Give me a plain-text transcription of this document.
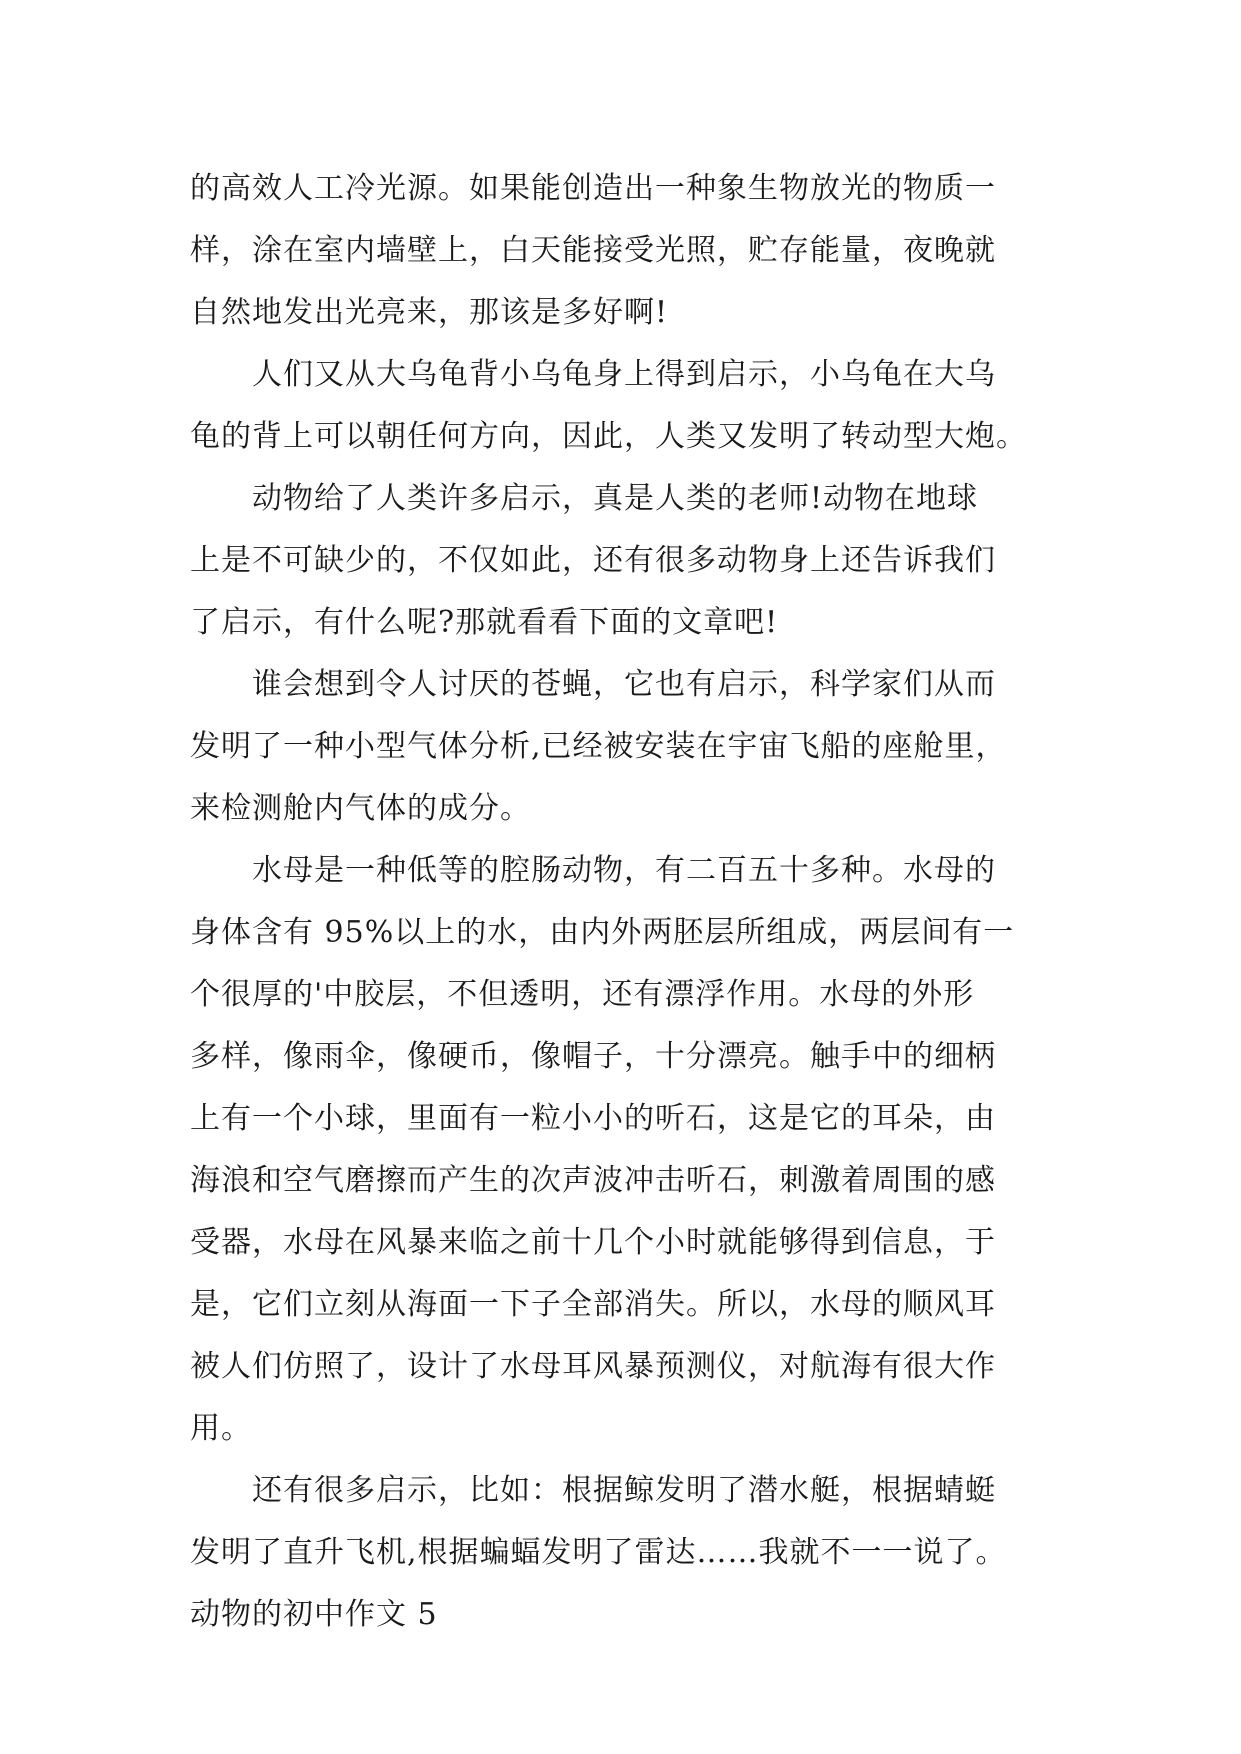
的高效人工冷光源。如果能创造出一种象生物放光的物质一
样，涂在室内墙壁上，白天能接受光照，贮存能量，夜晚就
自然地发出光亮来，那该是多好啊!
　　人们又从大乌龟背小乌龟身上得到启示，小乌龟在大乌
龟的背上可以朝任何方向，因此，人类又发明了转动型大炮。
　　动物给了人类许多启示，真是人类的老师!动物在地球
上是不可缺少的，不仅如此，还有很多动物身上还告诉我们
了启示，有什么呢?那就看看下面的文章吧!
　　谁会想到令人讨厌的苍蝇，它也有启示，科学家们从而
发明了一种小型气体分析,已经被安装在宇宙飞船的座舱里，
来检测舱内气体的成分。
　　水母是一种低等的腔肠动物，有二百五十多种。水母的
身体含有 95%以上的水，由内外两胚层所组成，两层间有一
个很厚的'中胶层，不但透明，还有漂浮作用。水母的外形
多样，像雨伞，像硬币，像帽子，十分漂亮。触手中的细柄
上有一个小球，里面有一粒小小的听石，这是它的耳朵，由
海浪和空气磨擦而产生的次声波冲击听石，刺激着周围的感
受器，水母在风暴来临之前十几个小时就能够得到信息，于
是，它们立刻从海面一下子全部消失。所以，水母的顺风耳
被人们仿照了，设计了水母耳风暴预测仪，对航海有很大作
用。
　　还有很多启示，比如：根据鲸发明了潜水艇，根据蜻蜓
发明了直升飞机,根据蝙蝠发明了雷达……我就不一一说了。
动物的初中作文 5
